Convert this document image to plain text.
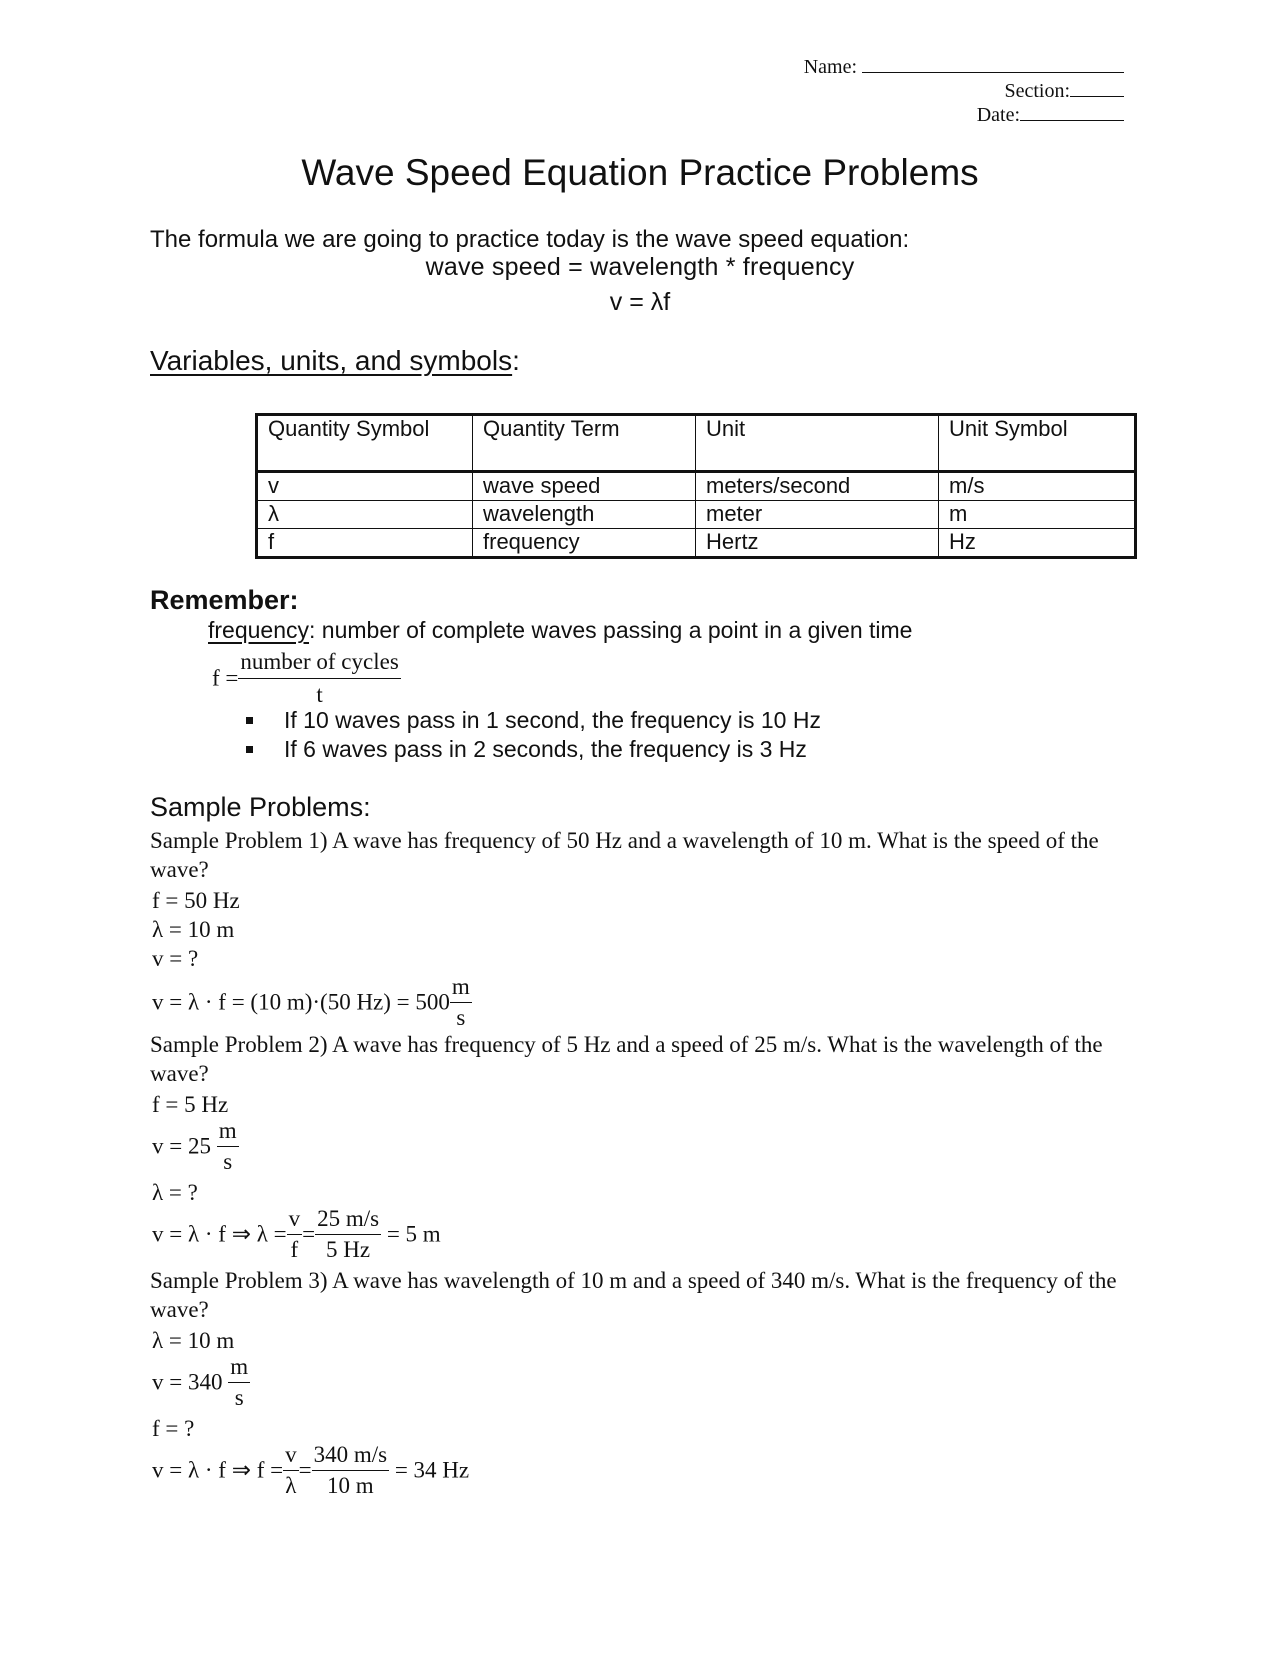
Name:
Section:
Date:
Wave Speed Equation Practice Problems
The formula we are going to practice today is the wave speed equation:
wave speed = wavelength * frequency
v = λf
Variables, units, and symbols:
Quantity Symbol	Quantity Term	Unit	Unit Symbol
v	wave speed	meters/second	m/s
λ	wavelength	meter	m
f	frequency	Hertz	Hz
Remember:
frequency: number of complete waves passing a point in a given time
$f = \frac{\text{number of cycles}}{t}$
If 10 waves pass in 1 second, the frequency is 10 Hz
If 6 waves pass in 2 seconds, the frequency is 3 Hz
Sample Problems:
Sample Problem 1) A wave has frequency of 50 Hz and a wavelength of 10 m. What is the speed of the wave?
f = 50 Hz
λ = 10 m
v = ?
v = λ · f = (10 m)·(50 $Hz) = 500 \frac{m}{s}$
Sample Problem 2) A wave has frequency of 5 Hz and a speed of 25 m/s. What is the wavelength of the wave?
f = 5 Hz
$v = 25 \frac{m}{s}$
λ = ?
v = λ · f ⇒ $\lambda = \frac{v}{f} = \frac{25 m/s}{5 Hz} = 5$ m
Sample Problem 3) A wave has wavelength of 10 m and a speed of 340 m/s. What is the frequency of the wave?
λ = 10 m
$v = 340 \frac{m}{s}$
f = ?
v = λ · f ⇒ $f = \frac{v}{\lambda} = \frac{340 m/s}{10 m} = 34$ Hz
